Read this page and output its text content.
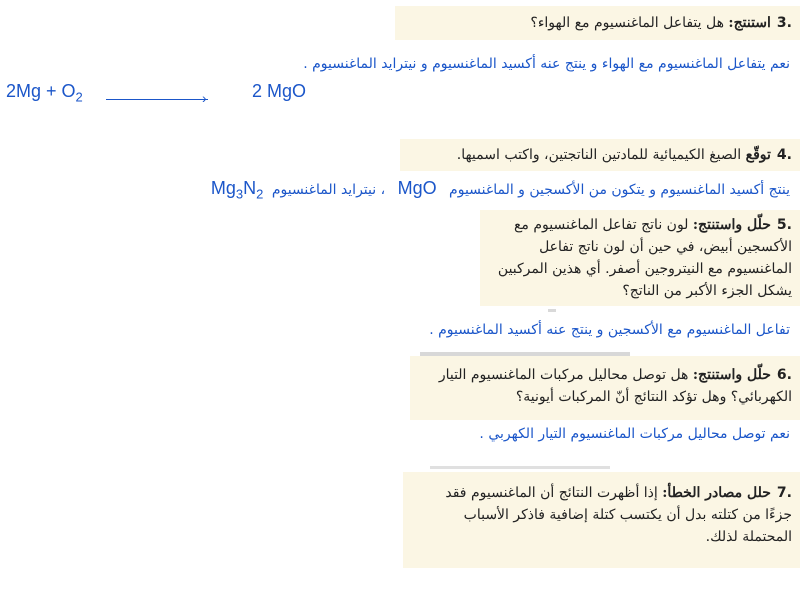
.3استنتج: هل يتفاعل الماغنسيوم مع الهواء؟
نعم يتفاعل الماغنسيوم مع الهواء و ينتج عنه أكسيد الماغنسيوم و نيترايد الماغنسيوم .
$2Mg + O_2$	›	2 MgO
.4توقّع الصيغ الكيميائية للمادتين الناتجتين، واكتب اسميها.
ينتج أكسيد الماغنسيوم و يتكون من الأكسجين و الماغنسيوم MgO ، نيترايد الماغنسيوم $Mg_3N_2$
.5حلّل واستنتج: لون ناتج تفاعل الماغنسيوم مع الأكسجين أبيض، في حين أن لون ناتج تفاعل الماغنسيوم مع النيتروجين أصفر. أي هذين المركبين يشكل الجزء الأكبر من الناتج؟
تفاعل الماغنسيوم مع الأكسجين و ينتج عنه أكسيد الماغنسيوم .
.6حلّل واستنتج: هل توصل محاليل مركبات الماغنسيوم التيار الكهربائي؟ وهل تؤكد النتائج أنّ المركبات أيونية؟
نعم توصل محاليل مركبات الماغنسيوم التيار الكهربي .
.7حلل مصادر الخطأ: إذا أظهرت النتائج أن الماغنسيوم فقد جزءًا من كتلته بدل أن يكتسب كتلة إضافية فاذكر الأسباب المحتملة لذلك.
